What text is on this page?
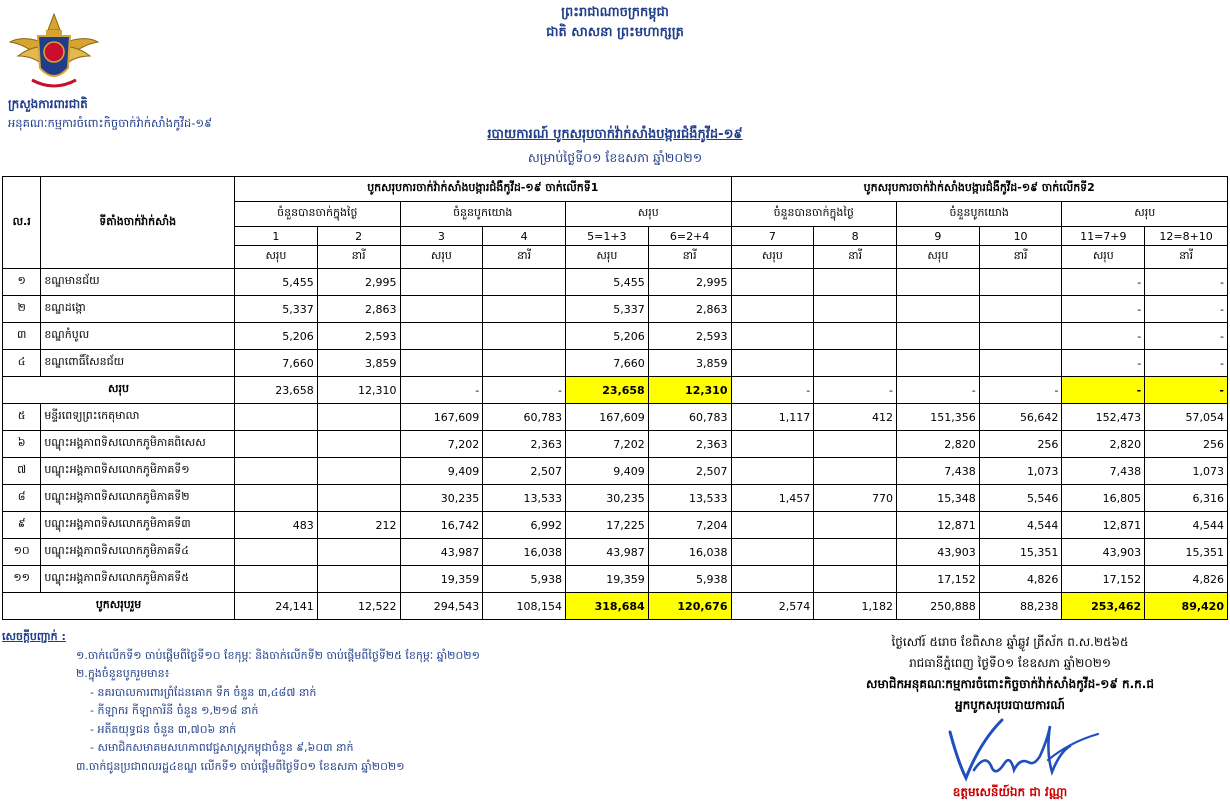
ក្រសួងការពារជាតិ
អនុគណៈកម្មការចំពោះកិច្ចចាក់វ៉ាក់សាំងកូវីដ-១៩
ព្រះរាជាណាចក្រកម្ពុជា
ជាតិ សាសនា ព្រះមហាក្សត្រ
របាយការណ៍ បូកសរុបចាក់វ៉ាក់សាំងបង្ការជំងឺកូវីដ-១៩
សម្រាប់ថ្ងៃទី០១ ខែឧសភា ឆ្នាំ២០២១
ល.រ	ទីតាំងចាក់វ៉ាក់សាំង	បូកសរុបការចាក់វ៉ាក់សាំងបង្ការជំងឺកូវីដ-១៩ ចាក់លើកទី1						បូកសរុបការចាក់វ៉ាក់សាំងបង្ការជំងឺកូវីដ-១៩ ចាក់លើកទី2					
		ចំនួនបានចាក់ក្នុងថ្ងៃ		ចំនួនបូកយោង		សរុប		ចំនួនបានចាក់ក្នុងថ្ងៃ		ចំនួនបូកយោង		សរុប	
		1	2	3	4	5=1+3	6=2+4	7	8	9	10	11=7+9	12=8+10
		សរុប	នារី	សរុប	នារី	សរុប	នារី	សរុប	នារី	សរុប	នារី	សរុប	នារី
១	ខណ្ឌមានជ័យ	5,455	2,995			5,455	2,995					-	-
២	ខណ្ឌដង្កោ	5,337	2,863			5,337	2,863					-	-
៣	ខណ្ឌកំបូល	5,206	2,593			5,206	2,593					-	-
៤	ខណ្ឌពោធិ៍សែនជ័យ	7,660	3,859			7,660	3,859					-	-
សរុប		23,658	12,310	-	-	23,658	12,310	-	-	-	-	-	-
៥	មន្ទីរពេទ្យព្រះកេតុមាលា			167,609	60,783	167,609	60,783	1,117	412	151,356	56,642	152,473	57,054
៦	បណ្ឌុះអង្គភាពទិសលោកភូមិភាគពិសេស			7,202	2,363	7,202	2,363			2,820	256	2,820	256
៧	បណ្ឌុះអង្គភាពទិសលោកភូមិភាគទី១			9,409	2,507	9,409	2,507			7,438	1,073	7,438	1,073
៨	បណ្ឌុះអង្គភាពទិសលោកភូមិភាគទី២			30,235	13,533	30,235	13,533	1,457	770	15,348	5,546	16,805	6,316
៩	បណ្ឌុះអង្គភាពទិសលោកភូមិភាគទី៣	483	212	16,742	6,992	17,225	7,204			12,871	4,544	12,871	4,544
១០	បណ្ឌុះអង្គភាពទិសលោកភូមិភាគទី៤			43,987	16,038	43,987	16,038			43,903	15,351	43,903	15,351
១១	បណ្ឌុះអង្គភាពទិសលោកភូមិភាគទី៥			19,359	5,938	19,359	5,938			17,152	4,826	17,152	4,826
បូកសរុបរួម		24,141	12,522	294,543	108,154	318,684	120,676	2,574	1,182	250,888	88,238	253,462	89,420
សេចក្តីបញ្ជាក់ :
១.ចាក់លើកទី១ ចាប់ផ្តើមពីថ្ងៃទី១០ ខែកុម្ភៈ និងចាក់លើកទី២ ចាប់ផ្តើមពីថ្ងៃទី២៥ ខែកុម្ភៈ ឆ្នាំ២០២១
២.ក្នុងចំនួនបូករួមមាន៖
- នគរបាលការពារព្រំដែនគោក ទឹក ចំនួន ៣,៤៨៧ នាក់
- កីឡាករ កីឡាការិនី ចំនួន ១,២១៨ នាក់
- អតីតយុទ្ធជន ចំនួន ៣,៧០៦ នាក់
- សមាជិកសមាគមសហភាពវេជ្ជសាស្ត្រកម្ពុជាចំនួន ៩,៦០៣ នាក់
៣.ចាក់ជូនប្រជាពលរដ្ឋ៤ខណ្ឌ លើកទី១ ចាប់ផ្តើមពីថ្ងៃទី០១ ខែឧសភា ឆ្នាំ២០២១
ថ្ងៃសៅរ៍ ៥រោច ខែពិសាខ ឆ្នាំឆ្លូវ ត្រីស័ក ព.ស.២៥៦៥
រាជធានីភ្នំពេញ ថ្ងៃទី០១ ខែឧសភា ឆ្នាំ២០២១
សមាជិកអនុគណៈកម្មការចំពោះកិច្ចចាក់វ៉ាក់សាំងកូវីដ-១៩ ក.ក.ជ
អ្នកបូកសរុបរបាយការណ៍
ឧត្តមសេនីយ៍ឯក ជា វណ្ណា
